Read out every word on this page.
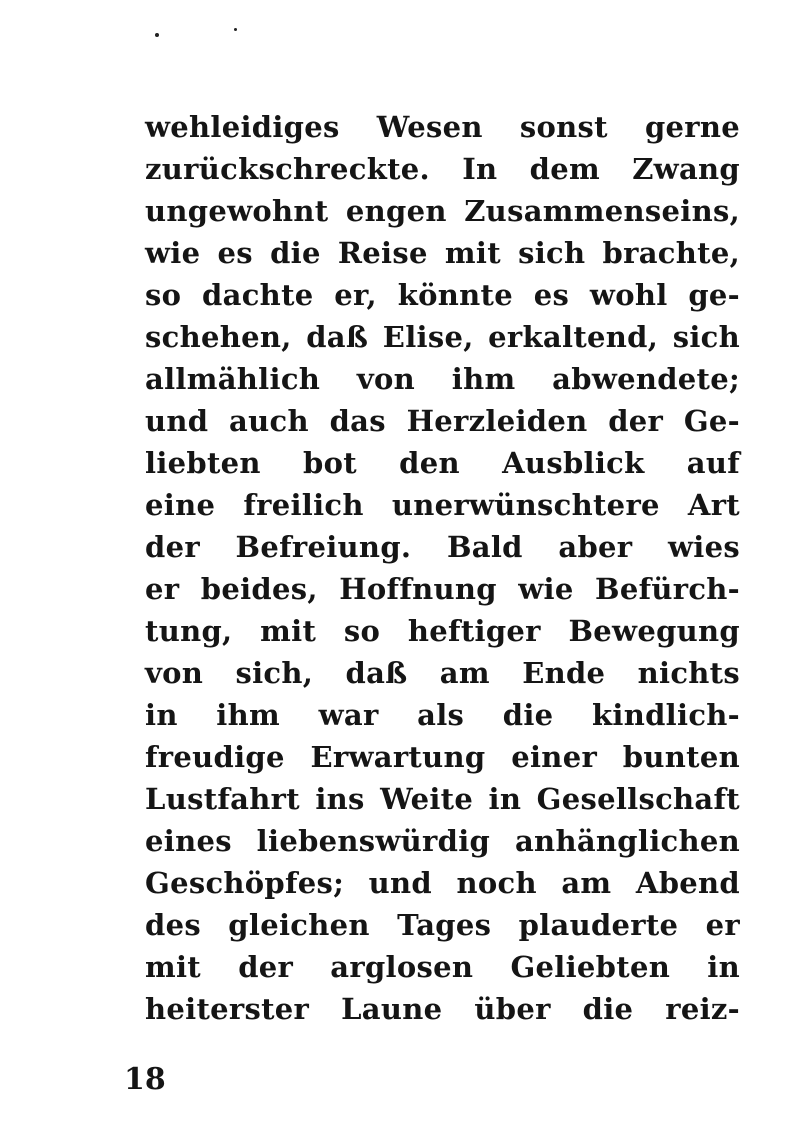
wehleidiges Wesen sonst gerne
zurückschreckte. In dem Zwang
ungewohnt engen Zusammenseins,
wie es die Reise mit sich brachte,
so dachte er, könnte es wohl ge-
schehen, daß Elise, erkaltend, sich
allmählich von ihm abwendete;
und auch das Herzleiden der Ge-
liebten bot den Ausblick auf
eine freilich unerwünschtere Art
der Befreiung. Bald aber wies
er beides, Hoffnung wie Befürch-
tung, mit so heftiger Bewegung
von sich, daß am Ende nichts
in ihm war als die kindlich-
freudige Erwartung einer bunten
Lustfahrt ins Weite in Gesellschaft
eines liebenswürdig anhänglichen
Geschöpfes; und noch am Abend
des gleichen Tages plauderte er
mit der arglosen Geliebten in
heiterster Laune über die reiz-
18
